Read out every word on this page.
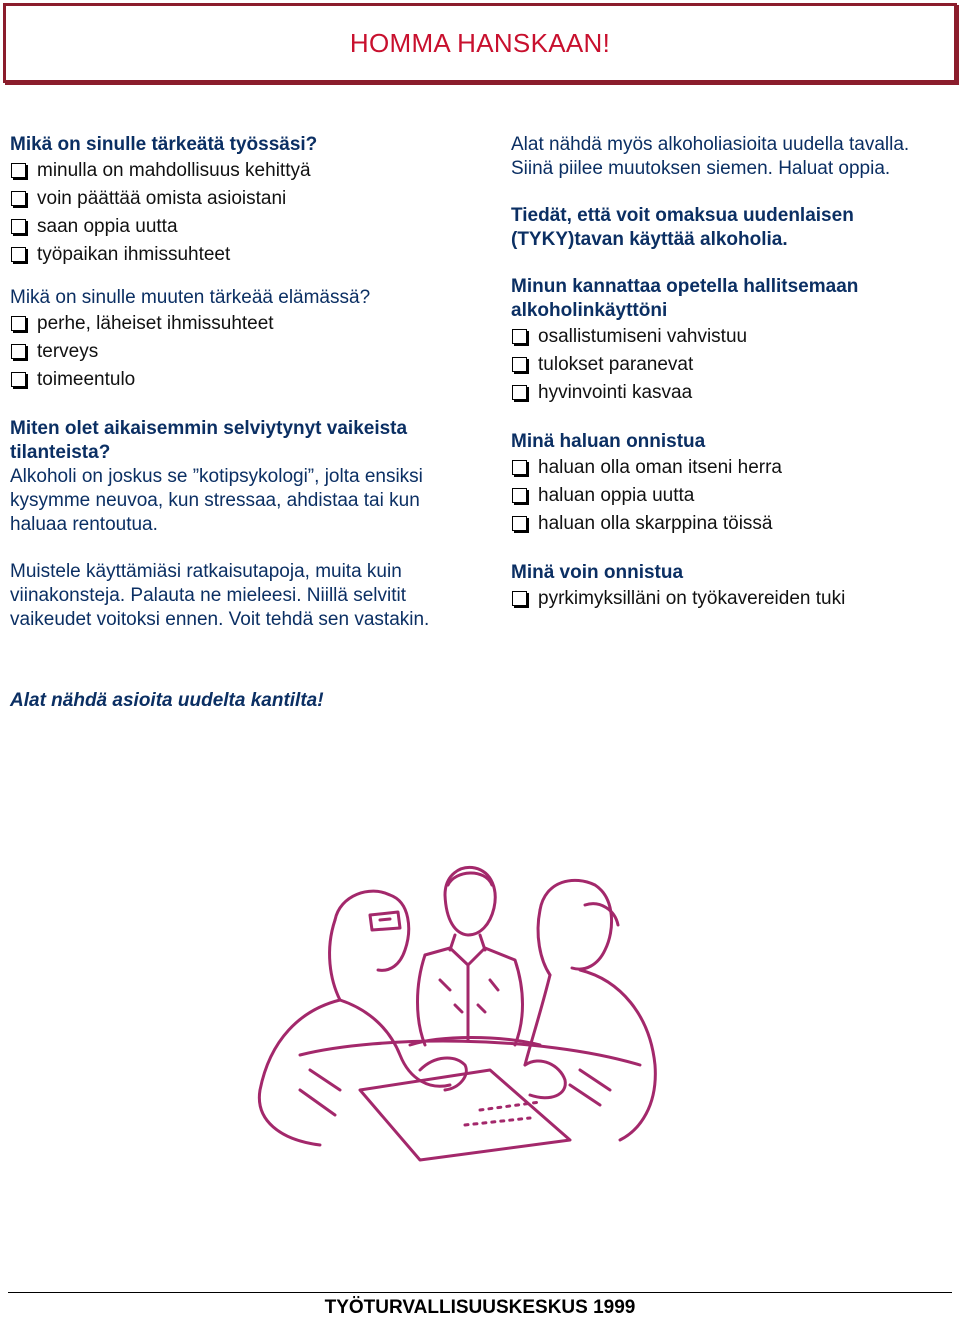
HOMMA HANSKAAN!
Mikä on sinulle tärkeätä työssäsi?
minulla on mahdollisuus kehittyä
voin päättää omista asioistani
saan oppia uutta
työpaikan ihmissuhteet
Mikä on sinulle muuten tärkeää elämässä?
perhe, läheiset ihmissuhteet
terveys
toimeentulo
Miten olet aikaisemmin selviytynyt vaikeista tilanteista?
Alkoholi on joskus se ”kotipsykologi”, jolta ensiksi kysymme neuvoa, kun stressaa, ahdistaa tai kun haluaa rentoutua.
Muistele käyttämiäsi ratkaisutapoja, muita kuin viinakonsteja. Palauta ne mieleesi. Niillä selvitit vaikeudet voitoksi ennen. Voit tehdä sen vastakin.
Alat nähdä asioita uudelta kantilta!
Alat nähdä myös alkoholiasioita uudella tavalla. Siinä piilee muutoksen siemen. Haluat oppia.
Tiedät, että voit omaksua uudenlaisen (TYKY)tavan käyttää alkoholia.
Minun kannattaa opetella hallitsemaan alkoholinkäyttöni
osallistumiseni vahvistuu
tulokset paranevat
hyvinvointi kasvaa
Minä haluan onnistua
haluan olla oman itseni herra
haluan oppia uutta
haluan olla skarppina töissä
Minä voin onnistua
pyrkimyksilläni on työkavereiden tuki
TYÖTURVALLISUUSKESKUS 1999
